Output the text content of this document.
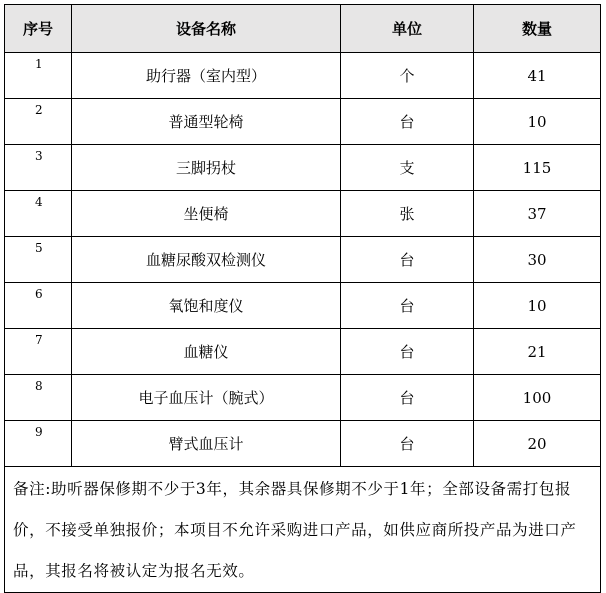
序号	设备名称	单位	数量
1	助行器（室内型）	个	41
2	普通型轮椅	台	10
3	三脚拐杖	支	115
4	坐便椅	张	37
5	血糖尿酸双检测仪	台	30
6	氧饱和度仪	台	10
7	血糖仪	台	21
8	电子血压计（腕式）	台	100
9	臂式血压计	台	20
备注:助听器保修期不少于3年，其余器具保修期不少于1年；全部设备需打包报价，不接受单独报价；本项目不允许采购进口产品，如供应商所投产品为进口产品，其报名将被认定为报名无效。			
